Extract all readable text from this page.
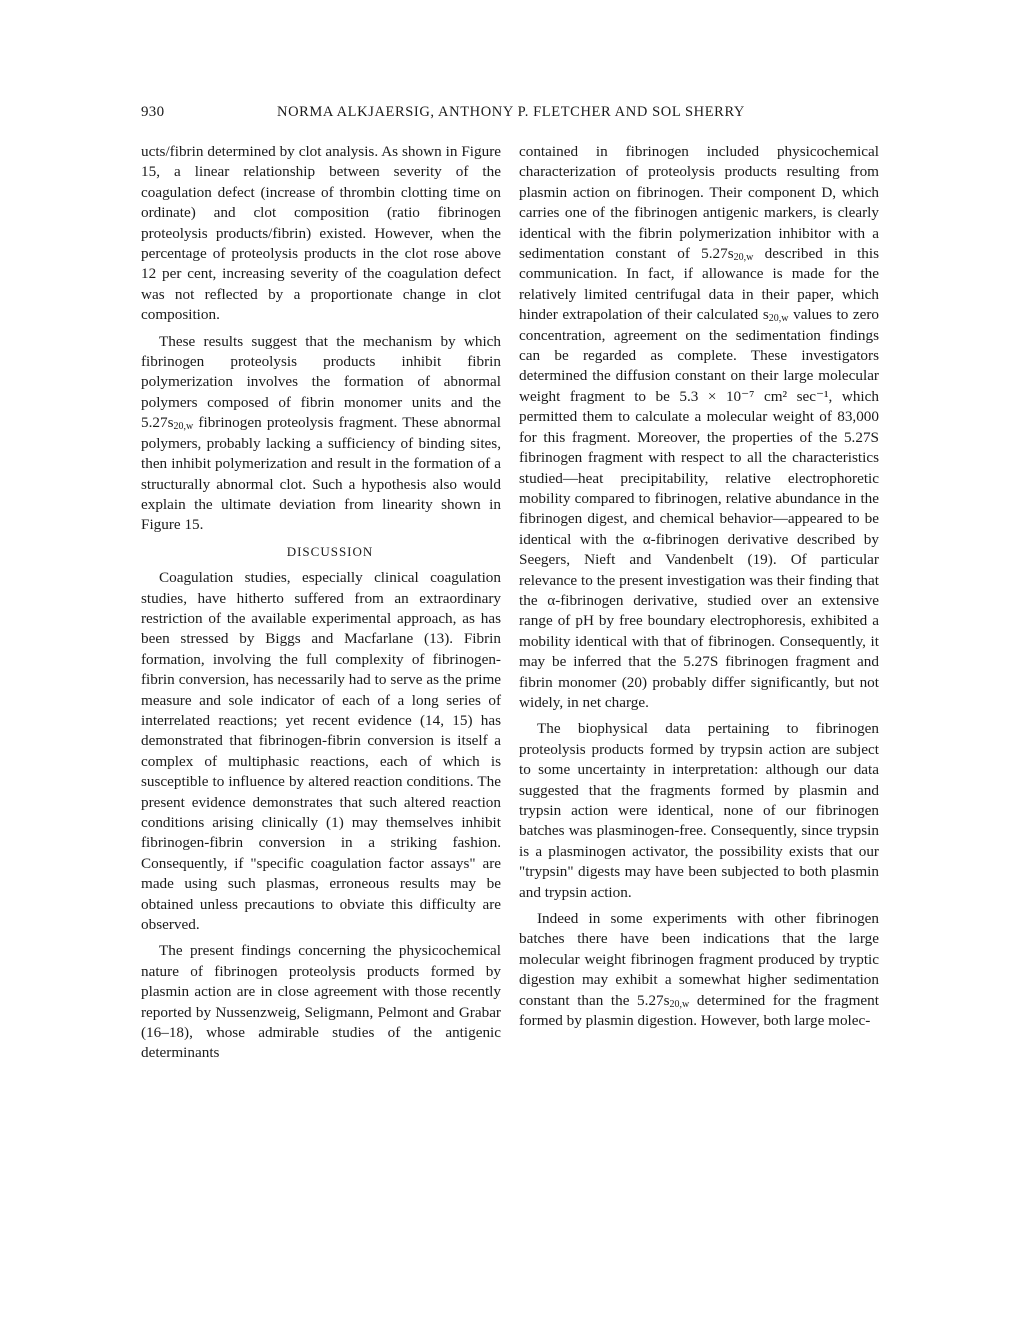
930	NORMA ALKJAERSIG, ANTHONY P. FLETCHER AND SOL SHERRY

ucts/fibrin determined by clot analysis. As shown in Figure 15, a linear relationship between severity of the coagulation defect (increase of thrombin clotting time on ordinate) and clot composition (ratio fibrinogen proteolysis products/fibrin) existed. However, when the percentage of proteolysis products in the clot rose above 12 per cent, increasing severity of the coagulation defect was not reflected by a proportionate change in clot composition.

These results suggest that the mechanism by which fibrinogen proteolysis products inhibit fibrin polymerization involves the formation of abnormal polymers composed of fibrin monomer units and the $5.27s_{20,w}$ fibrinogen proteolysis fragment. These abnormal polymers, probably lacking a sufficiency of binding sites, then inhibit polymerization and result in the formation of a structurally abnormal clot. Such a hypothesis also would explain the ultimate deviation from linearity shown in Figure 15.

DISCUSSION

Coagulation studies, especially clinical coagulation studies, have hitherto suffered from an extraordinary restriction of the available experimental approach, as has been stressed by Biggs and Macfarlane (13). Fibrin formation, involving the full complexity of fibrinogen-fibrin conversion, has necessarily had to serve as the prime measure and sole indicator of each of a long series of interrelated reactions; yet recent evidence (14, 15) has demonstrated that fibrinogen-fibrin conversion is itself a complex of multiphasic reactions, each of which is susceptible to influence by altered reaction conditions. The present evidence demonstrates that such altered reaction conditions arising clinically (1) may themselves inhibit fibrinogen-fibrin conversion in a striking fashion. Consequently, if "specific coagulation factor assays" are made using such plasmas, erroneous results may be obtained unless precautions to obviate this difficulty are observed.

The present findings concerning the physicochemical nature of fibrinogen proteolysis products formed by plasmin action are in close agreement with those recently reported by Nussenzweig, Seligmann, Pelmont and Grabar (16–18), whose admirable studies of the antigenic determinants

contained in fibrinogen included physicochemical characterization of proteolysis products resulting from plasmin action on fibrinogen. Their component D, which carries one of the fibrinogen antigenic markers, is clearly identical with the fibrin polymerization inhibitor with a sedimentation constant of $5.27s_{20,w}$ described in this communication. In fact, if allowance is made for the relatively limited centrifugal data in their paper, which hinder extrapolation of their calculated $s_{20,w}$ values to zero concentration, agreement on the sedimentation findings can be regarded as complete. These investigators determined the diffusion constant on their large molecular weight fragment to be 5.3 × 10⁻⁷ cm² sec⁻¹, which permitted them to calculate a molecular weight of 83,000 for this fragment. Moreover, the properties of the 5.27S fibrinogen fragment with respect to all the characteristics studied—heat precipitability, relative electrophoretic mobility compared to fibrinogen, relative abundance in the fibrinogen digest, and chemical behavior—appeared to be identical with the α-fibrinogen derivative described by Seegers, Nieft and Vandenbelt (19). Of particular relevance to the present investigation was their finding that the α-fibrinogen derivative, studied over an extensive range of pH by free boundary electrophoresis, exhibited a mobility identical with that of fibrinogen. Consequently, it may be inferred that the 5.27S fibrinogen fragment and fibrin monomer (20) probably differ significantly, but not widely, in net charge.

The biophysical data pertaining to fibrinogen proteolysis products formed by trypsin action are subject to some uncertainty in interpretation: although our data suggested that the fragments formed by plasmin and trypsin action were identical, none of our fibrinogen batches was plasminogen-free. Consequently, since trypsin is a plasminogen activator, the possibility exists that our "trypsin" digests may have been subjected to both plasmin and trypsin action.

Indeed in some experiments with other fibrinogen batches there have been indications that the large molecular weight fibrinogen fragment produced by tryptic digestion may exhibit a somewhat higher sedimentation constant than the $5.27s_{20,w}$ determined for the fragment formed by plasmin digestion. However, both large molec-
